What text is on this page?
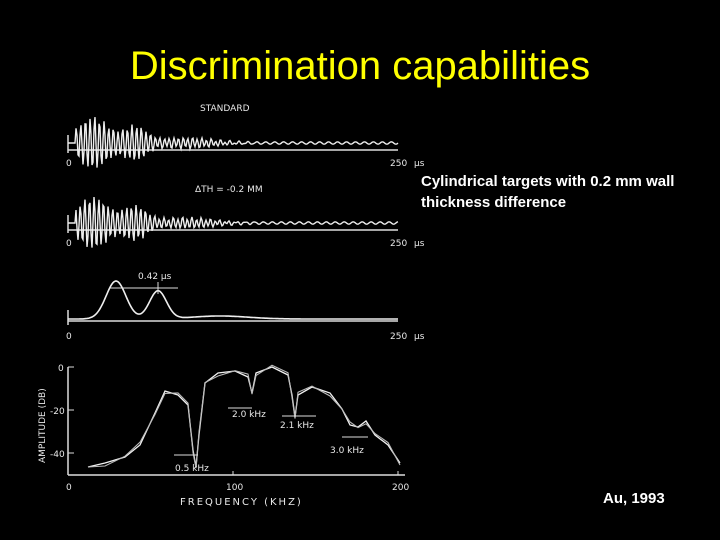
Discrimination capabilities
STANDARD
0	250 μs
ΔTH = -0.2 MM
0	250 μs
0.42 μs
0	250 μs
AMPLITUDE (DB)
0
-20
-40
0	100	200
FREQUENCY (KHZ)
2.0 kHz
2.1 kHz
3.0 kHz
0.5 kHz
Cylindrical targets with 0.2 mm wall thickness difference
Au, 1993
